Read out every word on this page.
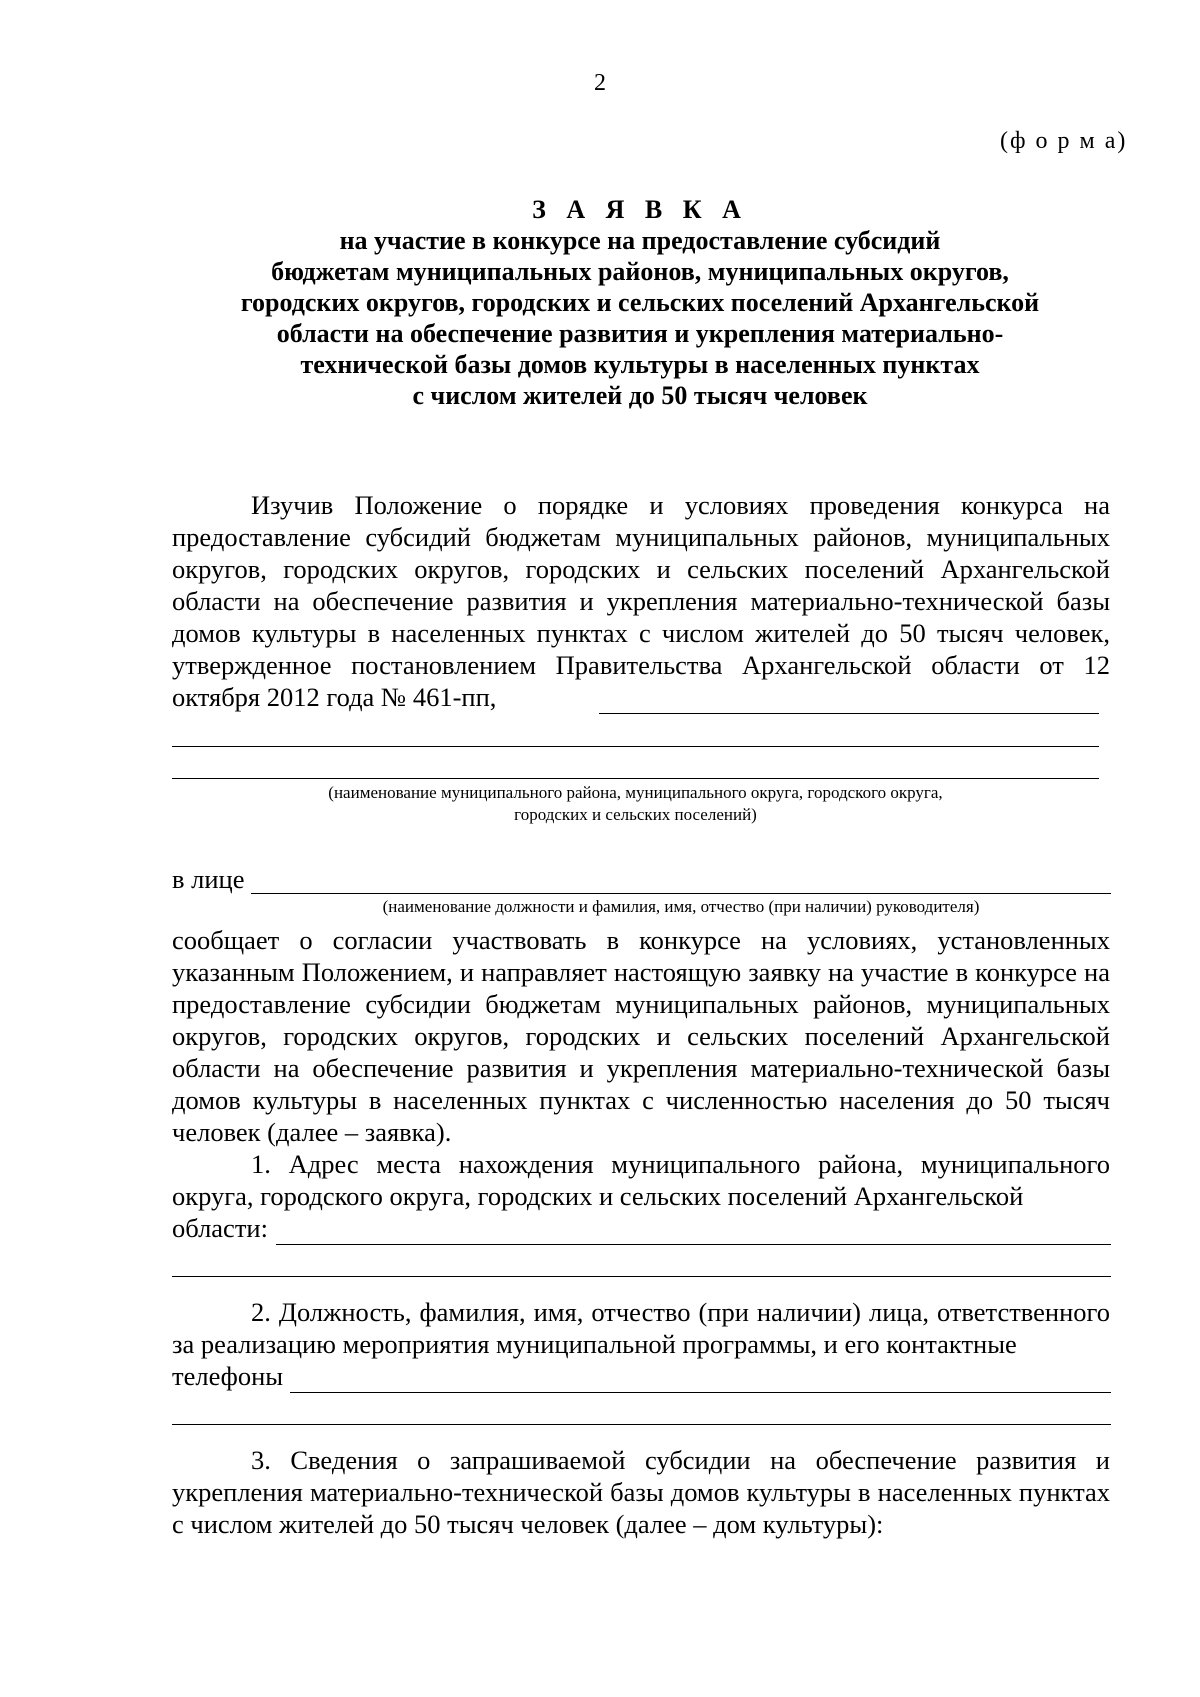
2
(ф о р м а)
З А Я В К А
на участие в конкурсе на предоставление субсидий
бюджетам муниципальных районов, муниципальных округов,
городских округов, городских и сельских поселений Архангельской
области на обеспечение развития и укрепления материально-
технической базы домов культуры в населенных пунктах
с числом жителей до 50 тысяч человек
Изучив Положение о порядке и условиях проведения конкурса на предоставление субсидий бюджетам муниципальных районов, муниципальных округов, городских округов, городских и сельских поселений Архангельской области на обеспечение развития и укрепления материально-технической базы домов культуры в населенных пунктах с числом жителей до 50 тысяч человек, утвержденное постановлением Правительства Архангельской области от 12 октября 2012 года № 461-пп,
(наименование муниципального района, муниципального округа, городского округа,
городских и сельских поселений)
в лице
(наименование должности и фамилия, имя, отчество (при наличии) руководителя)
сообщает о согласии участвовать в конкурсе на условиях, установленных указанным Положением, и направляет настоящую заявку на участие в конкурсе на предоставление субсидии бюджетам муниципальных районов, муниципальных округов, городских округов, городских и сельских поселений Архангельской области на обеспечение развития и укрепления материально-технической базы домов культуры в населенных пунктах с численностью населения до 50 тысяч человек (далее – заявка).
1. Адрес места нахождения муниципального района, муниципального округа, городского округа, городских и сельских поселений Архангельской
области:
2. Должность, фамилия, имя, отчество (при наличии) лица, ответственного за реализацию мероприятия муниципальной программы, и его контактные
телефоны
3. Сведения о запрашиваемой субсидии на обеспечение развития и укрепления материально-технической базы домов культуры в населенных пунктах с числом жителей до 50 тысяч человек (далее – дом культуры):
